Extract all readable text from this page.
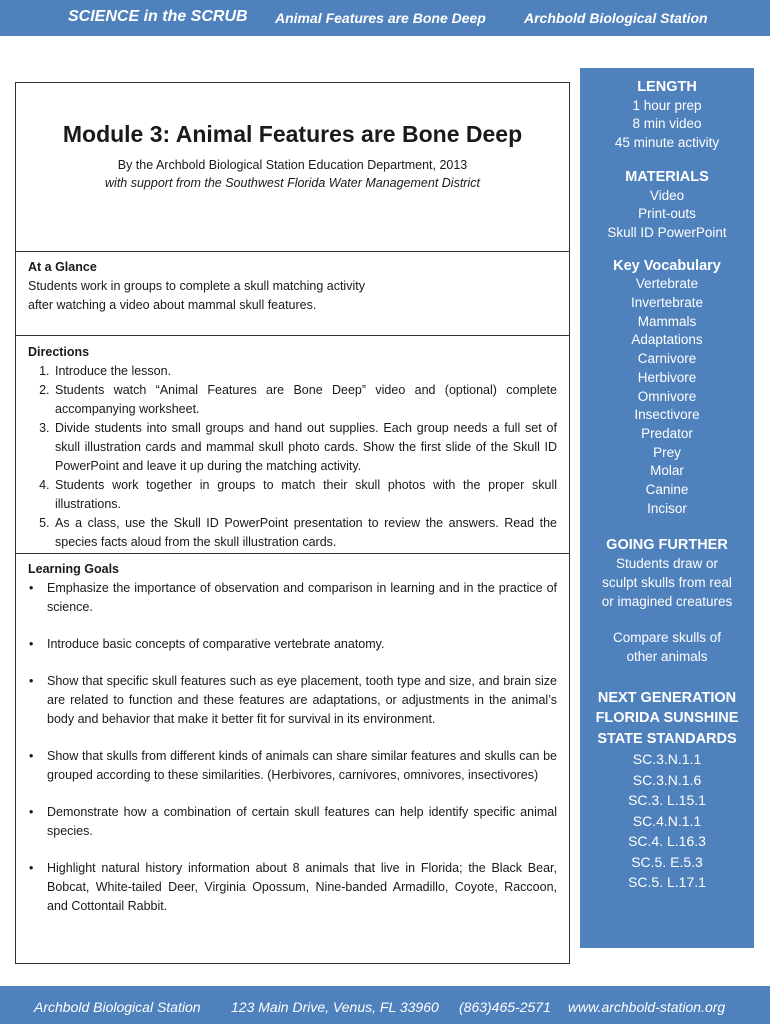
SCIENCE in the SCRUB Animal Features are Bone Deep	Archbold Biological Station
Module 3: Animal Features are Bone Deep
By the Archbold Biological Station Education Department, 2013
with support from the Southwest Florida Water Management District
At a Glance
Students work in groups to complete a skull matching activity
after watching a video about mammal skull features.
Directions
1. Introduce the lesson.
2. Students watch “Animal Features are Bone Deep” video and (optional) complete accompanying worksheet.
3. Divide students into small groups and hand out supplies. Each group needs a full set of skull illustration cards and mammal skull photo cards. Show the first slide of the Skull ID PowerPoint and leave it up during the matching activity.
4. Students work together in groups to match their skull photos with the proper skull illustrations.
5. As a class, use the Skull ID PowerPoint presentation to review the answers. Read the species facts aloud from the skull illustration cards.
Learning Goals
• Emphasize the importance of observation and comparison in learning and in the practice of science.
• Introduce basic concepts of comparative vertebrate anatomy.
• Show that specific skull features such as eye placement, tooth type and size, and brain size are related to function and these features are adaptations, or adjustments in the animal’s body and behavior that make it better fit for survival in its environment.
• Show that skulls from different kinds of animals can share similar features and skulls can be grouped according to these similarities. (Herbivores, carnivores, omnivores, insectivores)
• Demonstrate how a combination of certain skull features can help identify specific animal species.
• Highlight natural history information about 8 animals that live in Florida; the Black Bear, Bobcat, White-tailed Deer, Virginia Opossum, Nine-banded Armadillo, Coyote, Raccoon, and Cottontail Rabbit.
LENGTH
1 hour prep
8 min video
45 minute activity
MATERIALS
Video
Print-outs
Skull ID PowerPoint
Key Vocabulary
Vertebrate
Invertebrate
Mammals
Adaptations
Carnivore
Herbivore
Omnivore
Insectivore
Predator
Prey
Molar
Canine
Incisor
GOING FURTHER
Students draw or
sculpt skulls from real
or imagined creatures
Compare skulls of
other animals
NEXT GENERATION
FLORIDA SUNSHINE
STATE STANDARDS
SC.3.N.1.1
SC.3.N.1.6
SC.3. L.15.1
SC.4.N.1.1
SC.4. L.16.3
SC.5. E.5.3
SC.5. L.17.1
Archbold Biological Station 123 Main Drive, Venus, FL 33960 (863)465-2571 www.archbold-station.org
